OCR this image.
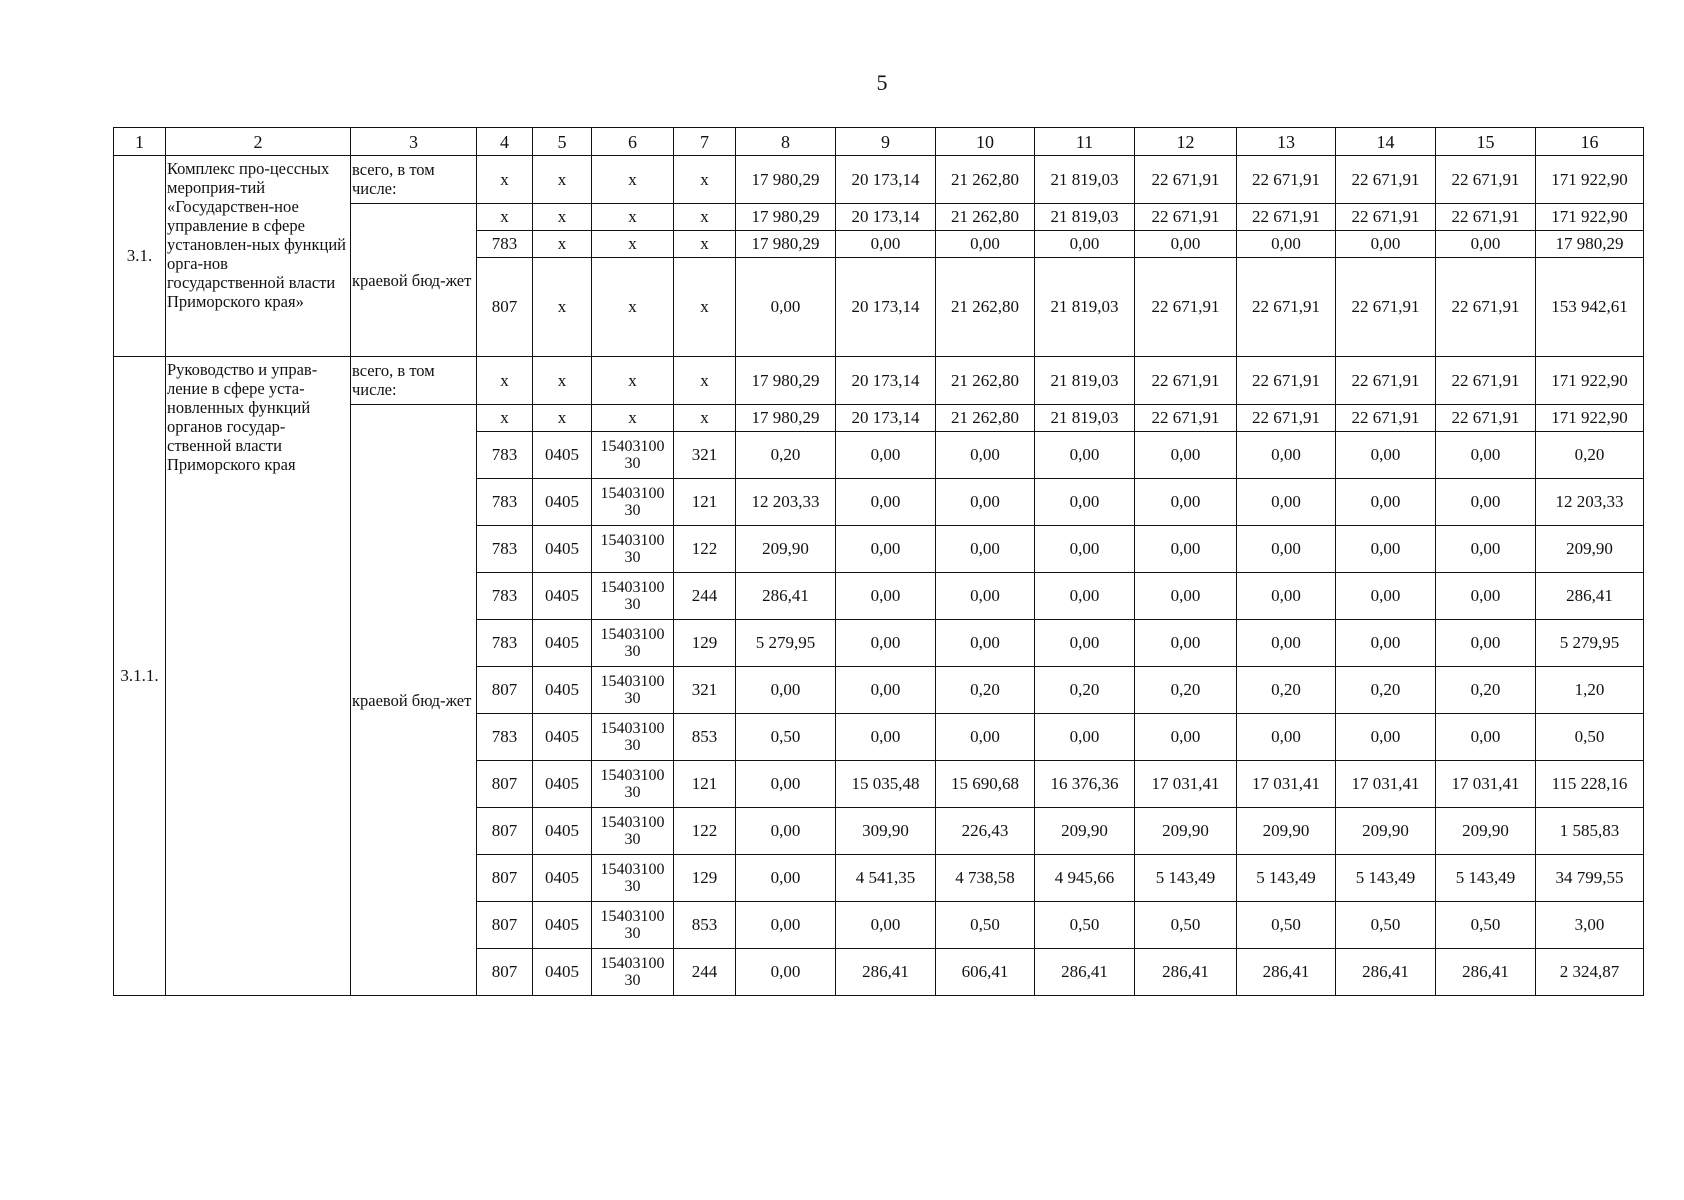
5
1	2	3	4	5	6	7	8	9	10	11	12	13	14	15	16
3.1.	Комплекс про-цессных мероприя-тий «Государствен-ное управление в сфере установлен-ных функций орга-нов государственной власти Приморского края»	всего, в том числе:	x	x	x	x	17 980,29	20 173,14	21 262,80	21 819,03	22 671,91	22 671,91	22 671,91	22 671,91	171 922,90
		краевой бюд-жет	x	x	x	x	17 980,29	20 173,14	21 262,80	21 819,03	22 671,91	22 671,91	22 671,91	22 671,91	171 922,90
			783	x	x	x	17 980,29	0,00	0,00	0,00	0,00	0,00	0,00	0,00	17 980,29
			807	x	x	x	0,00	20 173,14	21 262,80	21 819,03	22 671,91	22 671,91	22 671,91	22 671,91	153 942,61
3.1.1.	Руководство и управ-ление в сфере уста-новленных функций органов государ-ственной власти Приморского края	всего, в том числе:	x	x	x	x	17 980,29	20 173,14	21 262,80	21 819,03	22 671,91	22 671,91	22 671,91	22 671,91	171 922,90
		краевой бюд-жет	x	x	x	x	17 980,29	20 173,14	21 262,80	21 819,03	22 671,91	22 671,91	22 671,91	22 671,91	171 922,90
			783	0405	15403100 30	321	0,20	0,00	0,00	0,00	0,00	0,00	0,00	0,00	0,20
			783	0405	15403100 30	121	12 203,33	0,00	0,00	0,00	0,00	0,00	0,00	0,00	12 203,33
			783	0405	15403100 30	122	209,90	0,00	0,00	0,00	0,00	0,00	0,00	0,00	209,90
			783	0405	15403100 30	244	286,41	0,00	0,00	0,00	0,00	0,00	0,00	0,00	286,41
			783	0405	15403100 30	129	5 279,95	0,00	0,00	0,00	0,00	0,00	0,00	0,00	5 279,95
			807	0405	15403100 30	321	0,00	0,00	0,20	0,20	0,20	0,20	0,20	0,20	1,20
			783	0405	15403100 30	853	0,50	0,00	0,00	0,00	0,00	0,00	0,00	0,00	0,50
			807	0405	15403100 30	121	0,00	15 035,48	15 690,68	16 376,36	17 031,41	17 031,41	17 031,41	17 031,41	115 228,16
			807	0405	15403100 30	122	0,00	309,90	226,43	209,90	209,90	209,90	209,90	209,90	1 585,83
			807	0405	15403100 30	129	0,00	4 541,35	4 738,58	4 945,66	5 143,49	5 143,49	5 143,49	5 143,49	34 799,55
			807	0405	15403100 30	853	0,00	0,00	0,50	0,50	0,50	0,50	0,50	0,50	3,00
			807	0405	15403100 30	244	0,00	286,41	606,41	286,41	286,41	286,41	286,41	286,41	2 324,87
